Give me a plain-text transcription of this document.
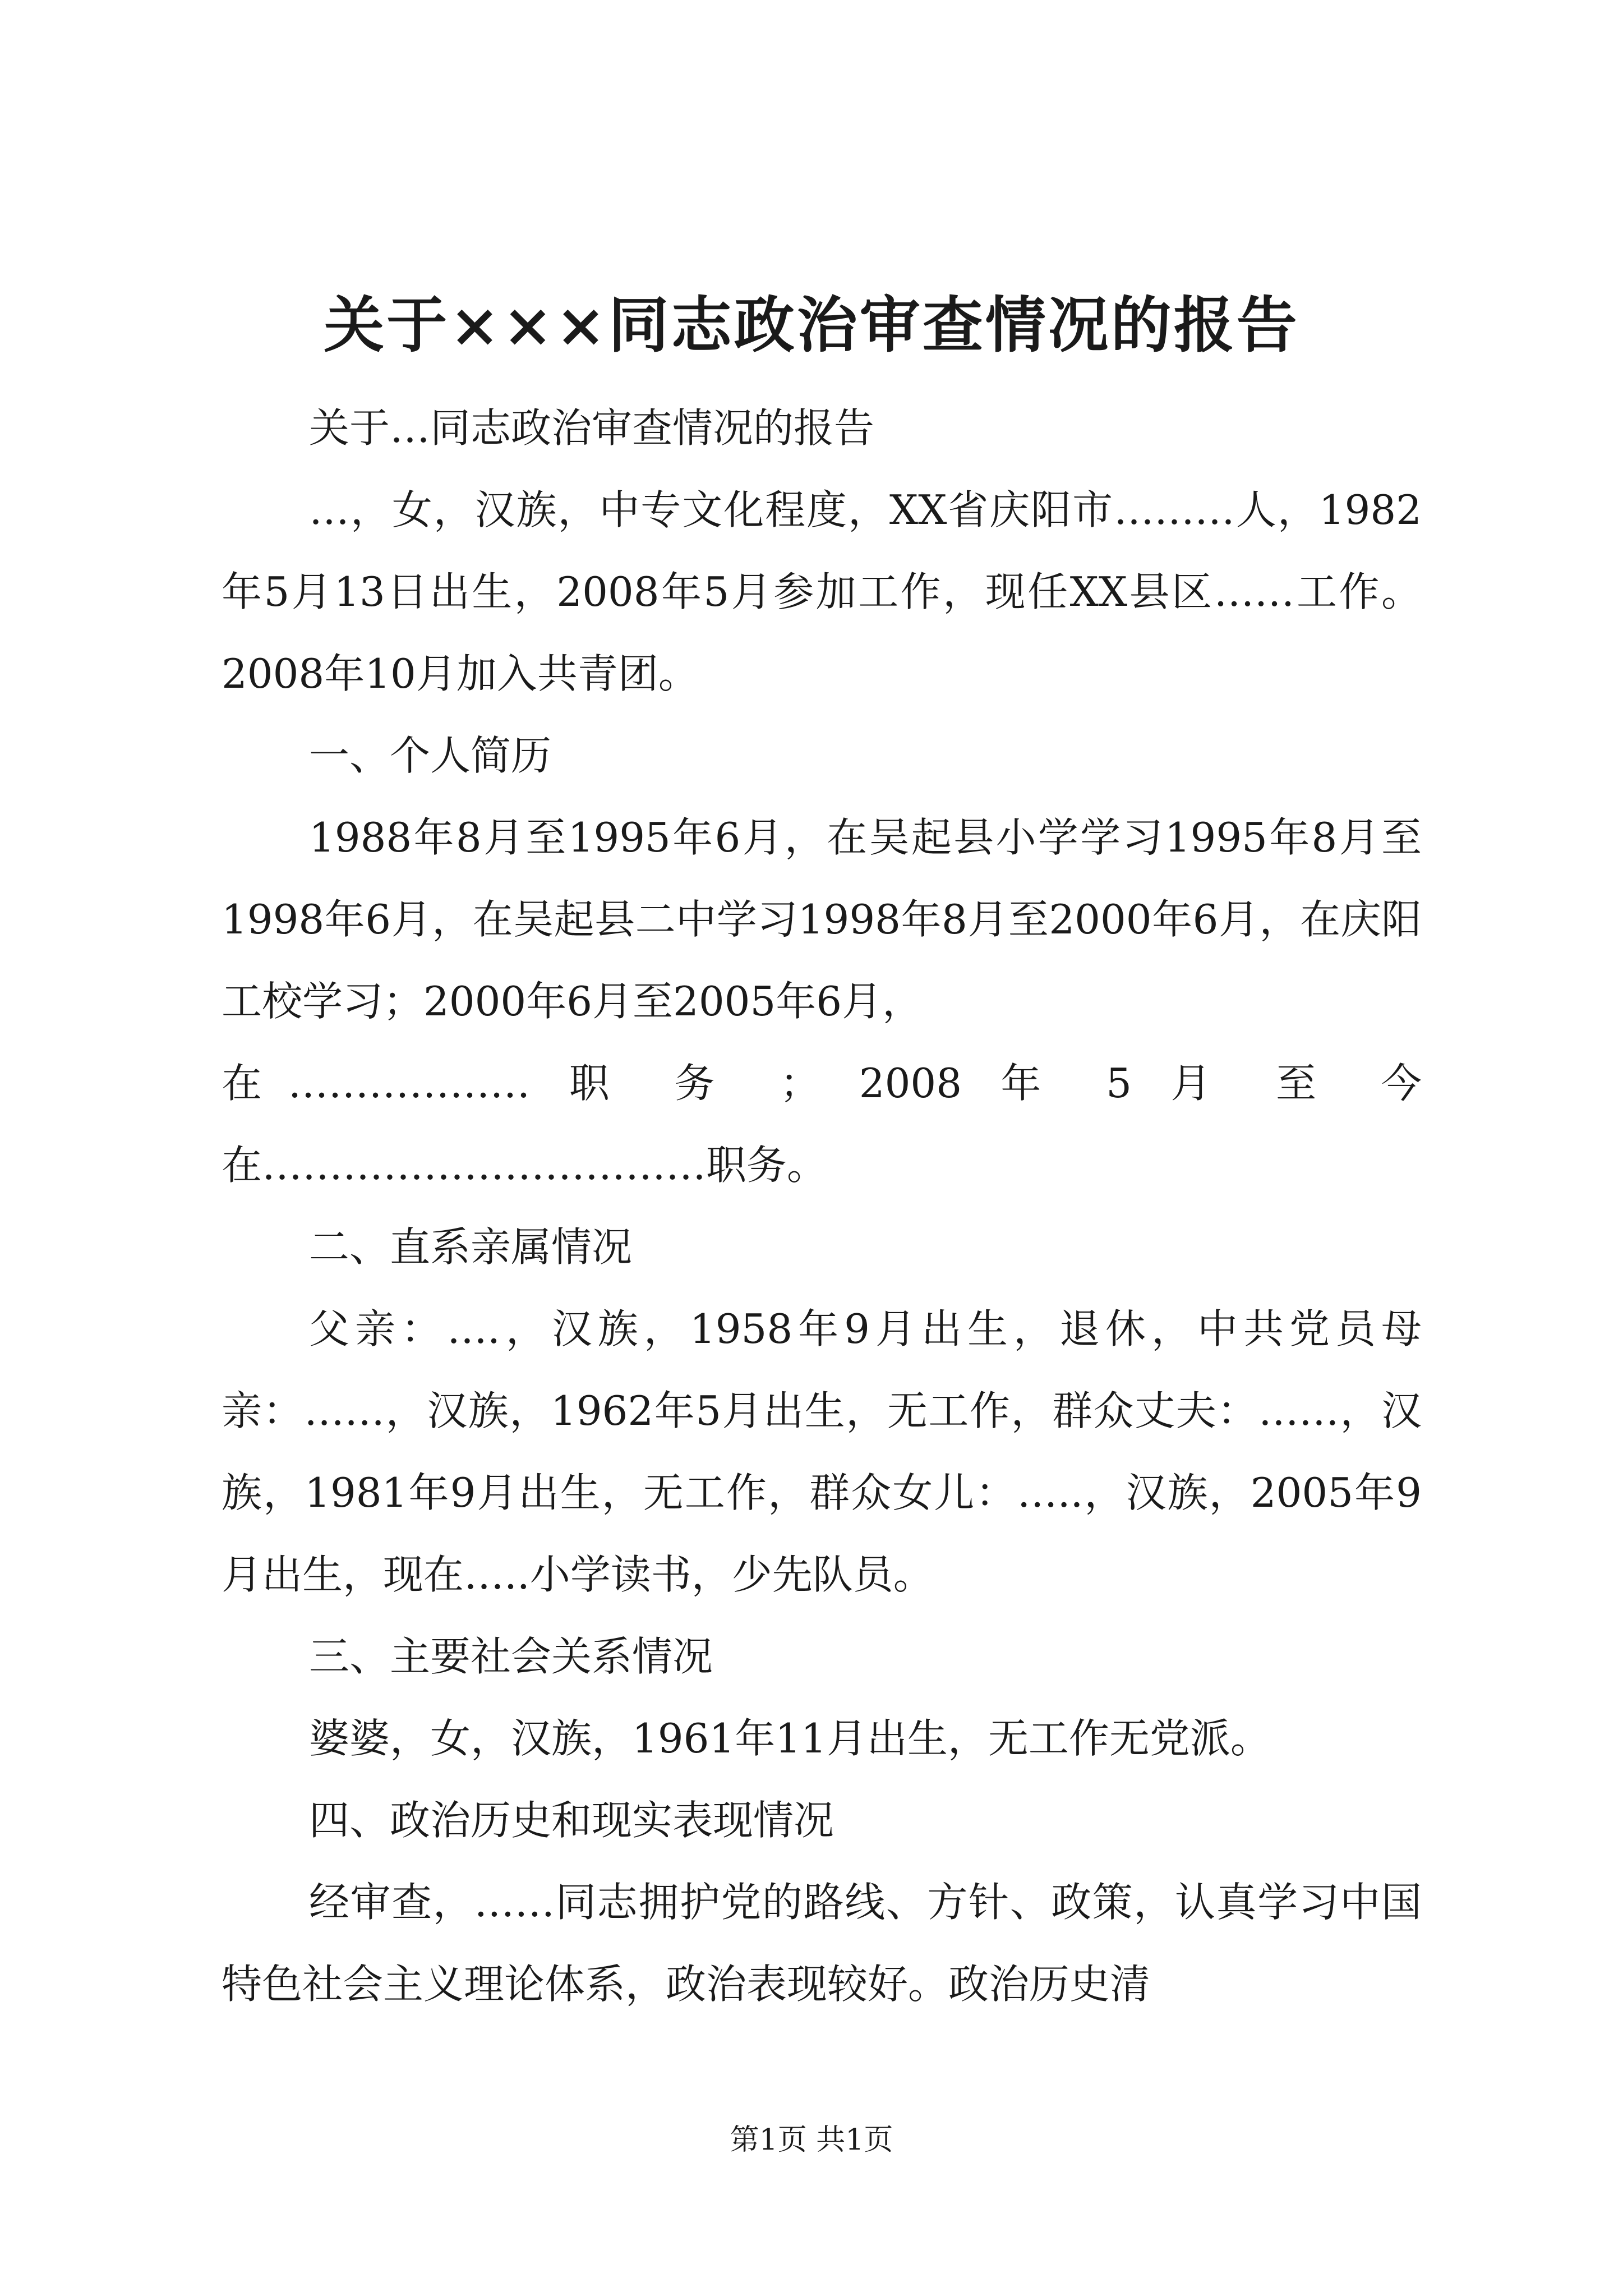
关于×××同志政治审查情况的报告

关于…同志政治审查情况的报告

…，女，汉族，中专文化程度，XX省庆阳市………人，1982年5月13日出生，2008年5月参加工作，现任XX县区……工作。2008年10月加入共青团。

一、个人简历

1988年8月至1995年6月，在吴起县小学学习1995年8月至1998年6月，在吴起县二中学习1998年8月至2000年6月，在庆阳工校学习；2000年6月至2005年6月，
在……………… 职 务 ； 2008 年 5 月 至 今
在……………………………职务。

二、直系亲属情况

父亲：….，汉族，1958年9月出生，退休，中共党员母亲：……，汉族，1962年5月出生，无工作，群众丈夫：……，汉族，1981年9月出生，无工作，群众女儿：…..，汉族，2005年9月出生，现在…..小学读书，少先队员。

三、主要社会关系情况

婆婆，女，汉族，1961年11月出生，无工作无党派。

四、政治历史和现实表现情况

经审查，……同志拥护党的路线、方针、政策，认真学习中国特色社会主义理论体系，政治表现较好。政治历史清

第1页 共1页
